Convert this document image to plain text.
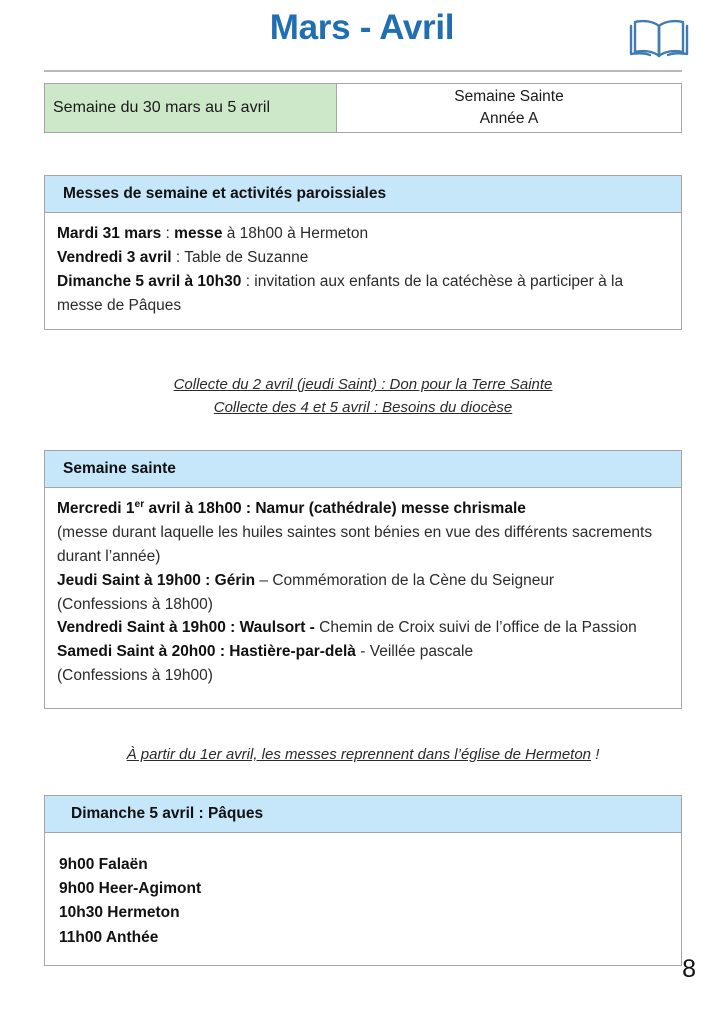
Mars - Avril
Semaine du 30 mars au 5 avril
Semaine Sainte
Année A
Messes de semaine et activités paroissiales

Mardi 31 mars : messe à 18h00 à Hermeton

Vendredi 3 avril : Table de Suzanne

Dimanche 5 avril à 10h30 : invitation aux enfants de la catéchèse à participer à la messe de Pâques

Collecte du 2 avril (jeudi Saint) : Don pour la Terre Sainte
Collecte des 4 et 5 avril : Besoins du diocèse
Semaine sainte

Mercredi 1er avril à 18h00 : Namur (cathédrale) messe chrismale

(messe durant laquelle les huiles saintes sont bénies en vue des différents sacrements durant l’année)

Jeudi Saint à 19h00 : Gérin – Commémoration de la Cène du Seigneur

(Confessions à 18h00)

Vendredi Saint à 19h00 : Waulsort - Chemin de Croix suivi de l’office de la Passion

Samedi Saint à 20h00 : Hastière-par-delà - Veillée pascale

(Confessions à 19h00)

À partir du 1er avril, les messes reprennent dans l’église de Hermeton !
Dimanche 5 avril : Pâques
9h00 Falaën
9h00 Heer-Agimont
10h30 Hermeton
11h00 Anthée
8
